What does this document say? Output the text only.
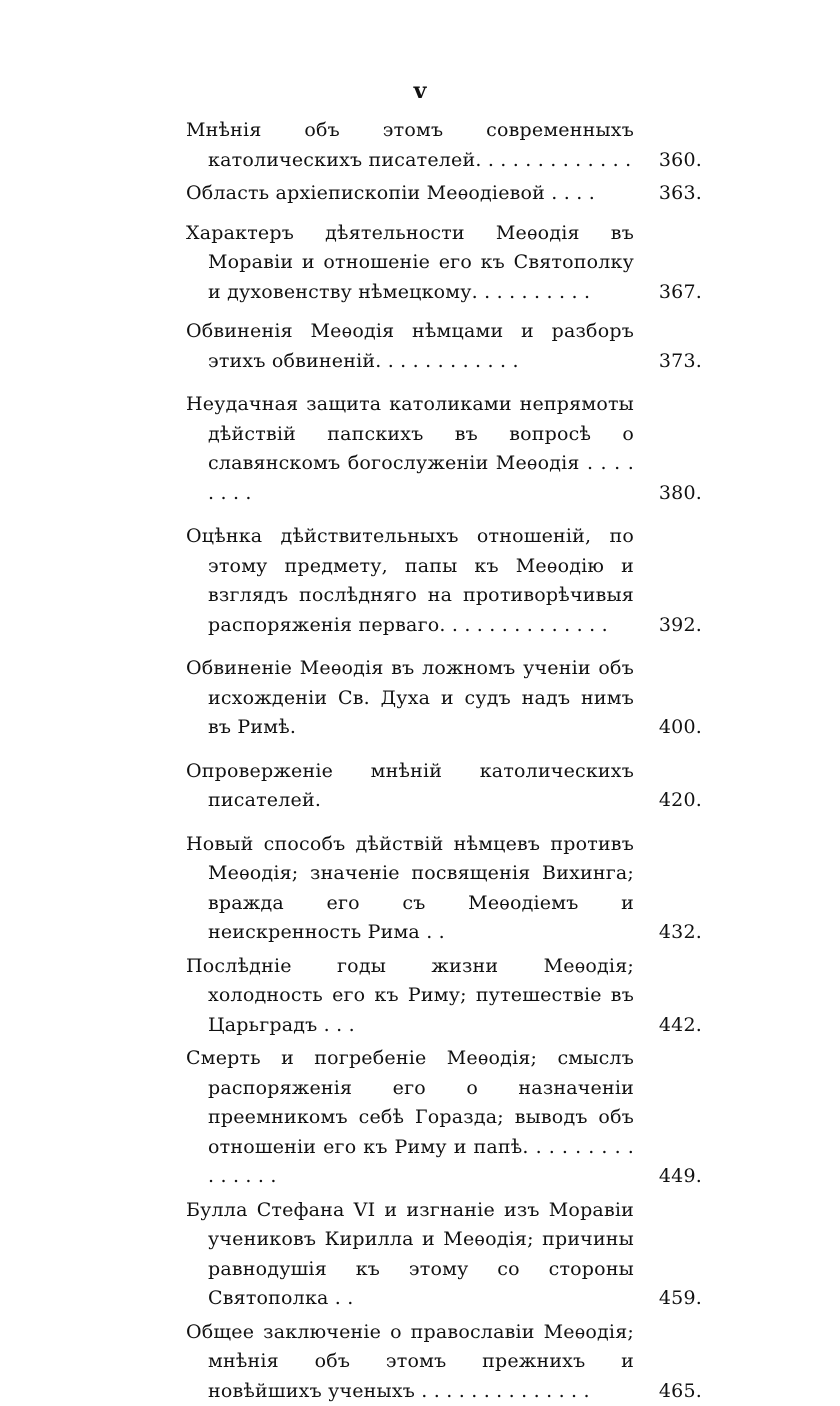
v
Мнѣнія объ этомъ современныхъ католическихъ писателей. . . . . . . . . . . . .	360.
Область архіепископіи Меѳодіевой . . . .	363.
Характеръ дѣятельности Меѳодія въ Моравіи и отношеніе его къ Святополку и духовенству нѣмецкому. . . . . . . . . .	367.
Обвиненія Меѳодія нѣмцами и разборъ этихъ обвиненій. . . . . . . . . . . .	373.
Неудачная защита католиками непрямоты дѣйствій папскихъ въ вопросѣ о славянскомъ богослуженіи Меѳодія . . . . . . . .	380.
Оцѣнка дѣйствительныхъ отношеній, по этому предмету, папы къ Меѳодію и взглядъ послѣдняго на противорѣчивыя распоряженія перваго. . . . . . . . . . . . . .	392.
Обвиненіе Меѳодія въ ложномъ ученіи объ исхожденіи Св. Духа и судъ надъ нимъ въ Римѣ.	400.
Опроверженіе мнѣній католическихъ писателей.	420.
Новый способъ дѣйствій нѣмцевъ противъ Меѳодія; значеніе посвященія Вихинга; вражда его съ Меѳодіемъ и неискренность Рима . .	432.
Послѣдніе годы жизни Меѳодія; холодность его къ Риму; путешествіе въ Царьградъ . . .	442.
Смерть и погребеніе Меѳодія; смыслъ распоряженія его о назначеніи преемникомъ себѣ Горазда; выводъ объ отношеніи его къ Риму и папѣ. . . . . . . . . . . . . . .	449.
Булла Стефана VI и изгнаніе изъ Моравіи учениковъ Кирилла и Меѳодія; причины равнодушія къ этому со стороны Святополка . .	459.
Общее заключеніе о православіи Меѳодія; мнѣнія объ этомъ прежнихъ и новѣйшихъ ученыхъ . . . . . . . . . . . . . .	465.
